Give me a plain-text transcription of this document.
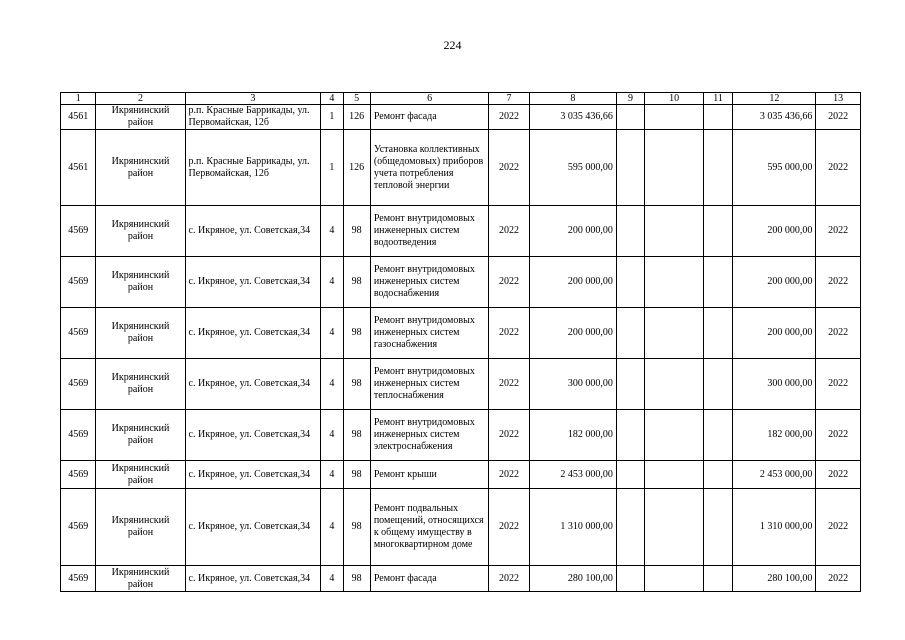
224
1	2	3	4	5	6	7	8	9	10	11	12	13
4561	Икрянинский район	р.п. Красные Баррикады, ул. Первомайская, 12б	1	126	Ремонт фасада	2022	3 035 436,66				3 035 436,66	2022
4561	Икрянинский район	р.п. Красные Баррикады, ул. Первомайская, 12б	1	126	Установка коллективных (общедомовых) приборов учета потребления тепловой энергии	2022	595 000,00				595 000,00	2022
4569	Икрянинский район	с. Икряное, ул. Советская,34	4	98	Ремонт внутридомовых инженерных систем водоотведения	2022	200 000,00				200 000,00	2022
4569	Икрянинский район	с. Икряное, ул. Советская,34	4	98	Ремонт внутридомовых инженерных систем водоснабжения	2022	200 000,00				200 000,00	2022
4569	Икрянинский район	с. Икряное, ул. Советская,34	4	98	Ремонт внутридомовых инженерных систем газоснабжения	2022	200 000,00				200 000,00	2022
4569	Икрянинский район	с. Икряное, ул. Советская,34	4	98	Ремонт внутридомовых инженерных систем теплоснабжения	2022	300 000,00				300 000,00	2022
4569	Икрянинский район	с. Икряное, ул. Советская,34	4	98	Ремонт внутридомовых инженерных систем электроснабжения	2022	182 000,00				182 000,00	2022
4569	Икрянинский район	с. Икряное, ул. Советская,34	4	98	Ремонт крыши	2022	2 453 000,00				2 453 000,00	2022
4569	Икрянинский район	с. Икряное, ул. Советская,34	4	98	Ремонт подвальных помещений, относящихся к общему имуществу в многоквартирном доме	2022	1 310 000,00				1 310 000,00	2022
4569	Икрянинский район	с. Икряное, ул. Советская,34	4	98	Ремонт фасада	2022	280 100,00				280 100,00	2022
